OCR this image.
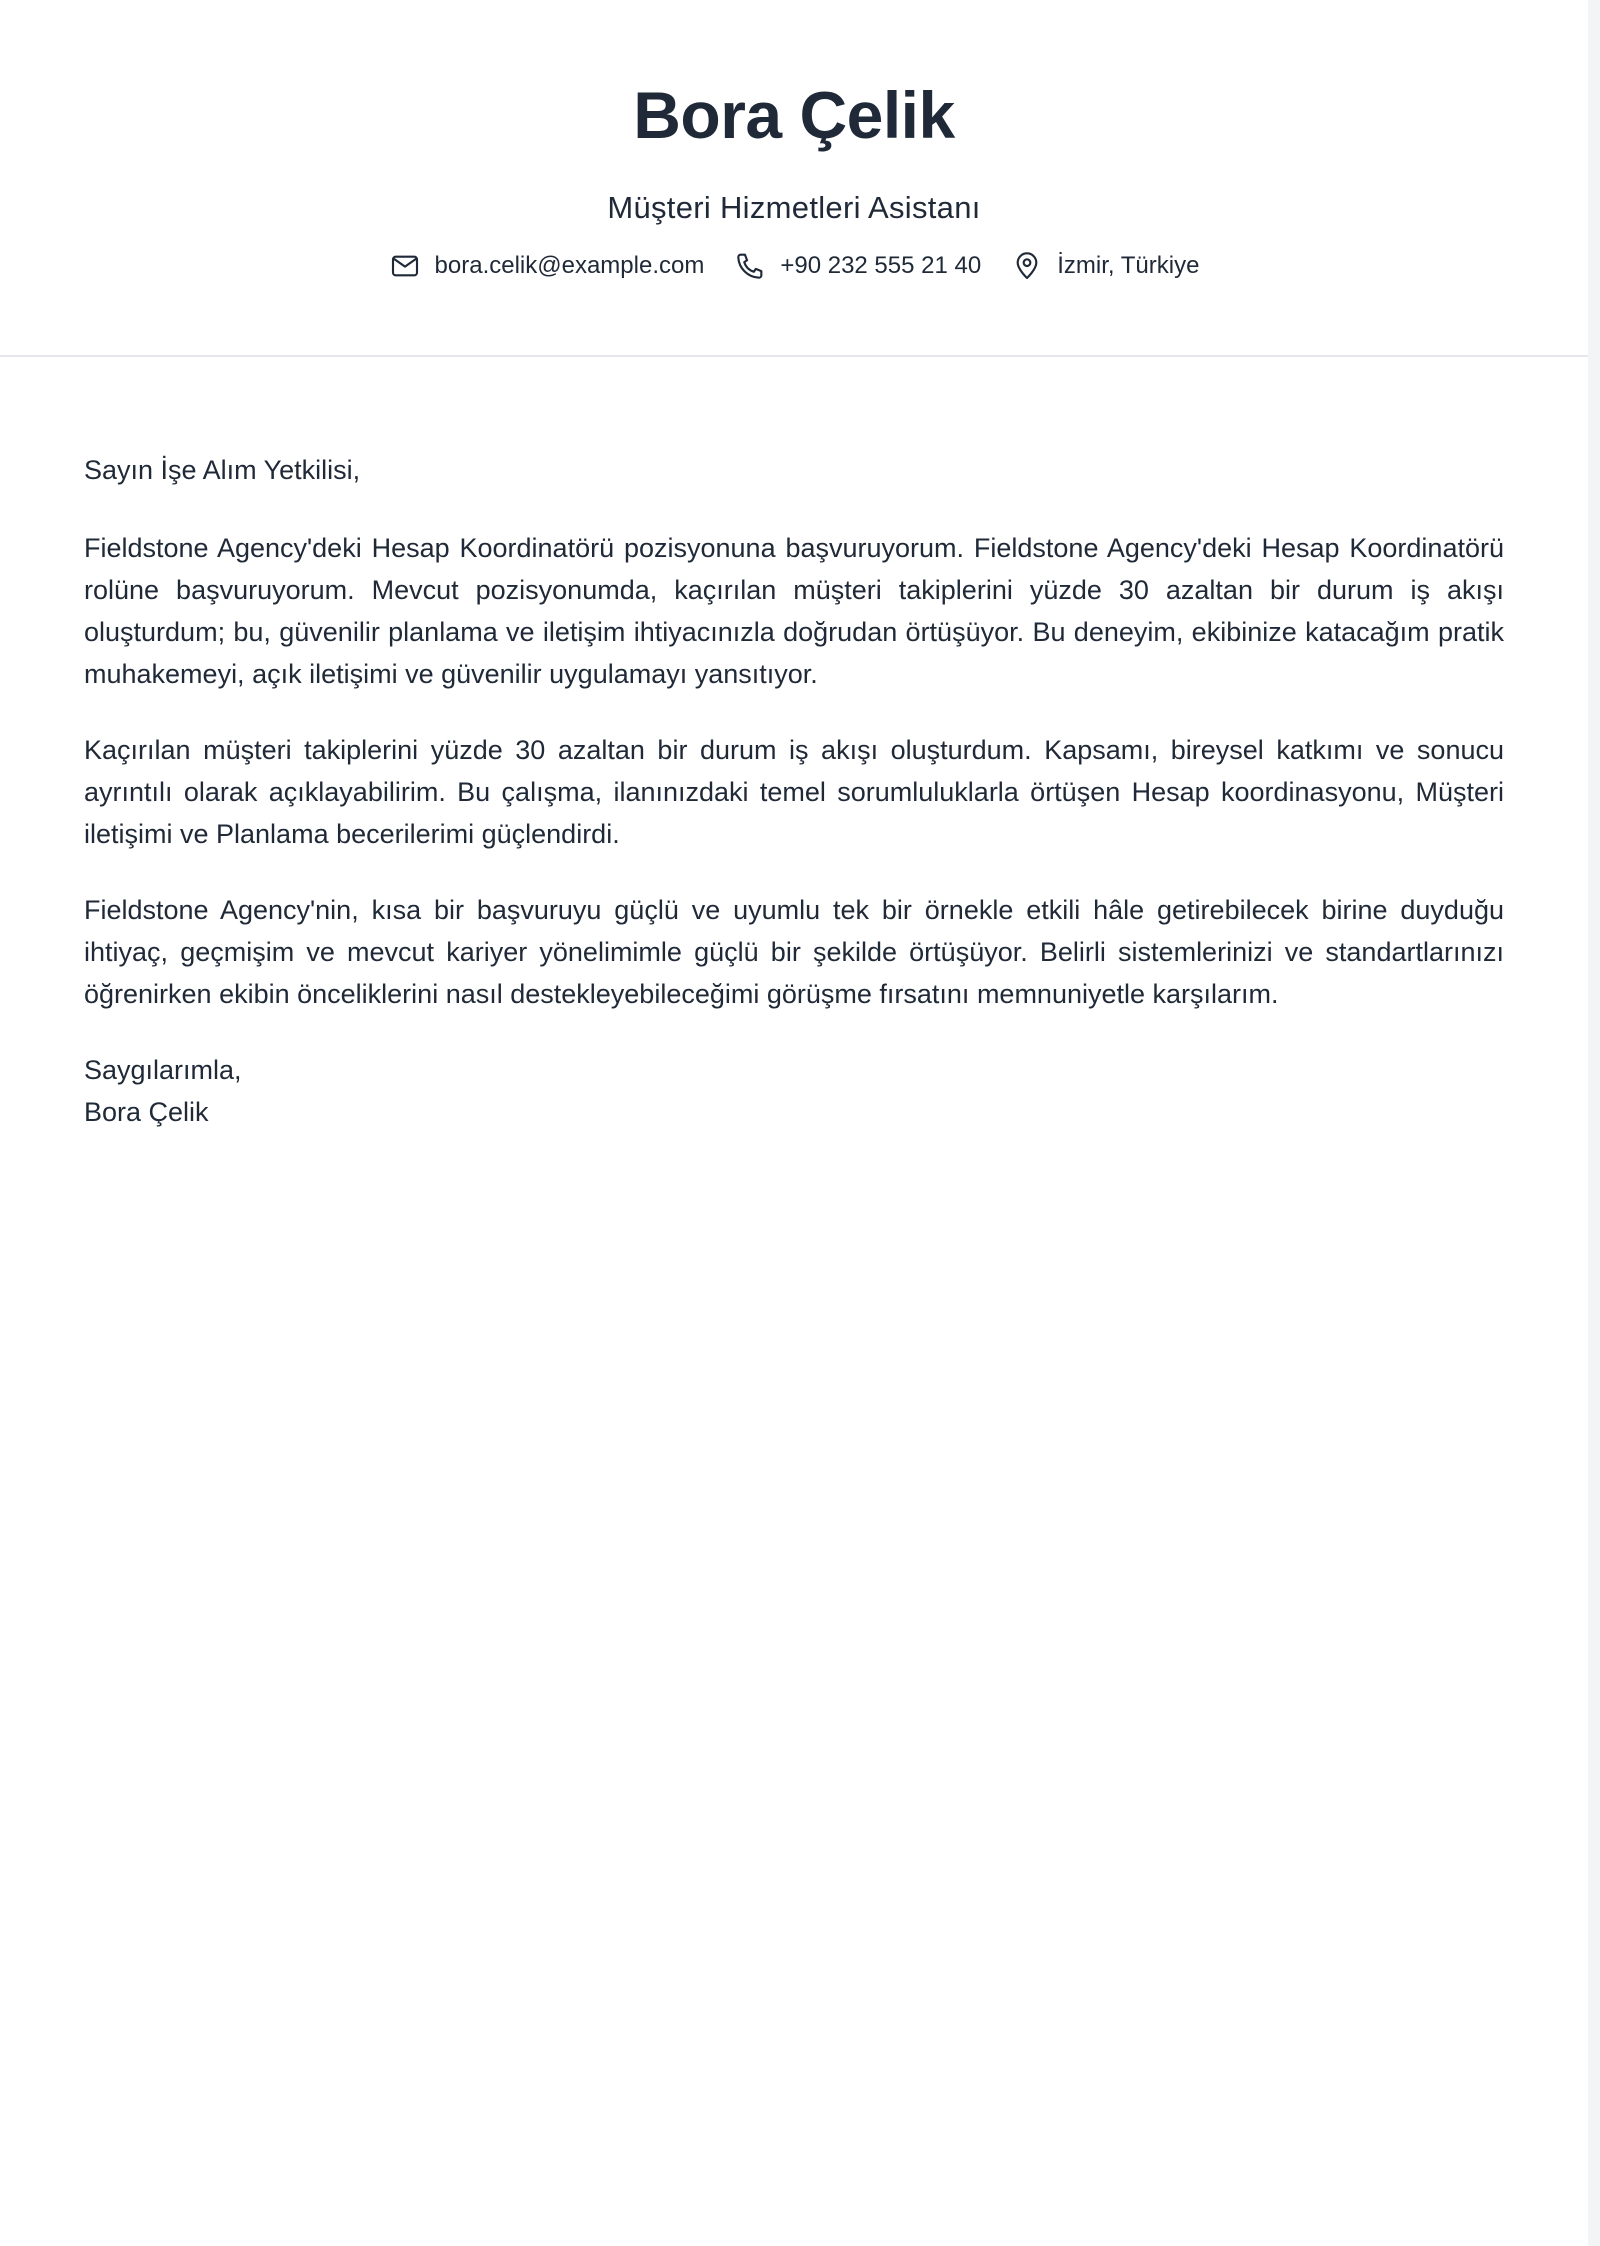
Bora Çelik
Müşteri Hizmetleri Asistanı
bora.celik@example.com	+90 232 555 21 40	İzmir, Türkiye

Sayın İşe Alım Yetkilisi,

Fieldstone Agency'deki Hesap Koordinatörü pozisyonuna başvuruyorum. Fieldstone Agency'deki Hesap Koordinatörü rolüne başvuruyorum. Mevcut pozisyonumda, kaçırılan müşteri takiplerini yüzde 30 azaltan bir durum iş akışı oluşturdum; bu, güvenilir planlama ve iletişim ihtiyacınızla doğrudan örtüşüyor. Bu deneyim, ekibinize katacağım pratik muhakemeyi, açık iletişimi ve güvenilir uygulamayı yansıtıyor.

Kaçırılan müşteri takiplerini yüzde 30 azaltan bir durum iş akışı oluşturdum. Kapsamı, bireysel katkımı ve sonucu ayrıntılı olarak açıklayabilirim. Bu çalışma, ilanınızdaki temel sorumluluklarla örtüşen Hesap koordinasyonu, Müşteri iletişimi ve Planlama becerilerimi güçlendirdi.

Fieldstone Agency'nin, kısa bir başvuruyu güçlü ve uyumlu tek bir örnekle etkili hâle getirebilecek birine duyduğu ihtiyaç, geçmişim ve mevcut kariyer yönelimimle güçlü bir şekilde örtüşüyor. Belirli sistemlerinizi ve standartlarınızı öğrenirken ekibin önceliklerini nasıl destekleyebileceğimi görüşme fırsatını memnuniyetle karşılarım.

Saygılarımla,
Bora Çelik
